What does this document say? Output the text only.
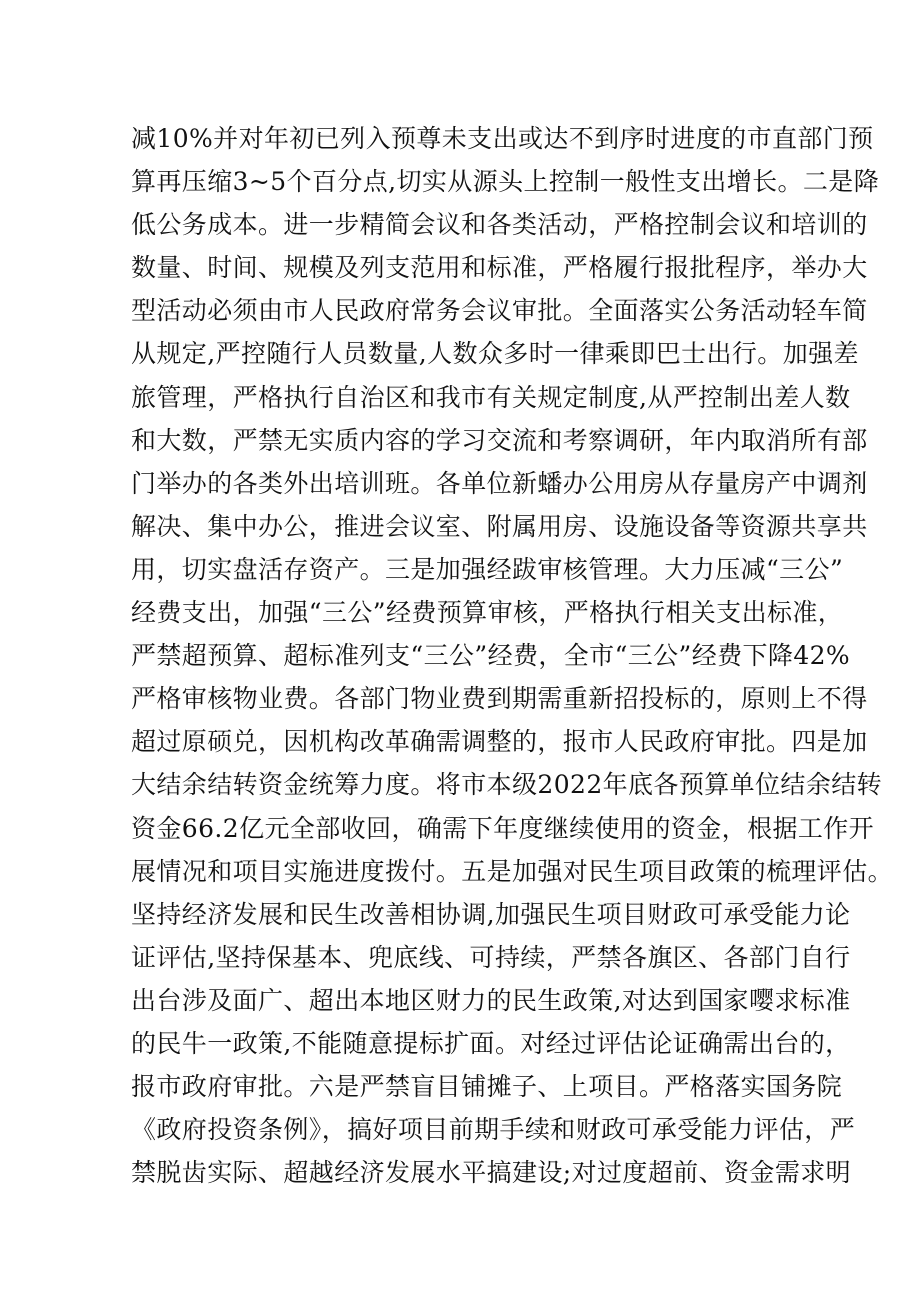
减10%并对年初已列入预尊未支出或达不到序时进度的市直部门预
算再压缩3~5个百分点,切实从源头上控制一般性支出增长。二是降
低公务成本。进一步精简会议和各类活动，严格控制会议和培训的
数量、时间、规模及列支范用和标准，严格履行报批程序，举办大
型活动必须由市人民政府常务会议审批。全面落实公务活动轻车简
从规定,严控随行人员数量,人数众多时一律乘即巴士出行。加强差
旅管理，严格执行自治区和我市有关规定制度,从严控制出差人数
和大数，严禁无实质内容的学习交流和考察调研，年内取消所有部
门举办的各类外出培训班。各单位新蟠办公用房从存量房产中调剂
解决、集中办公，推进会议室、附属用房、设施设备等资源共享共
用，切实盘活存资产。三是加强经跋审核管理。大力压减“三公”
经费支出，加强“三公”经费预算审核，严格执行相关支出标准，
严禁超预算、超标准列支“三公”经费，全市“三公”经费下降42%
严格审核物业费。各部门物业费到期需重新招投标的，原则上不得
超过原硕兑，因机构改革确需调整的，报市人民政府审批。四是加
大结余结转资金统筹力度。将市本级2022年底各预算单位结余结转
资金66.2亿元全部收回，确需下年度继续使用的资金，根据工作开
展情况和项目实施进度拨付。五是加强对民生项目政策的梳理评估。
坚持经济发展和民生改善相协调,加强民生项目财政可承受能力论
证评估,坚持保基本、兜底线、可持续，严禁各旗区、各部门自行
出台涉及面广、超出本地区财力的民生政策,对达到国家嘤求标准
的民牛一政策,不能随意提标扩面。对经过评估论证确需出台的，
报市政府审批。六是严禁盲目铺摊子、上项目。严格落实国务院
《政府投资条例》，搞好项目前期手续和财政可承受能力评估，严
禁脱齿实际、超越经济发展水平搞建设;对过度超前、资金需求明
